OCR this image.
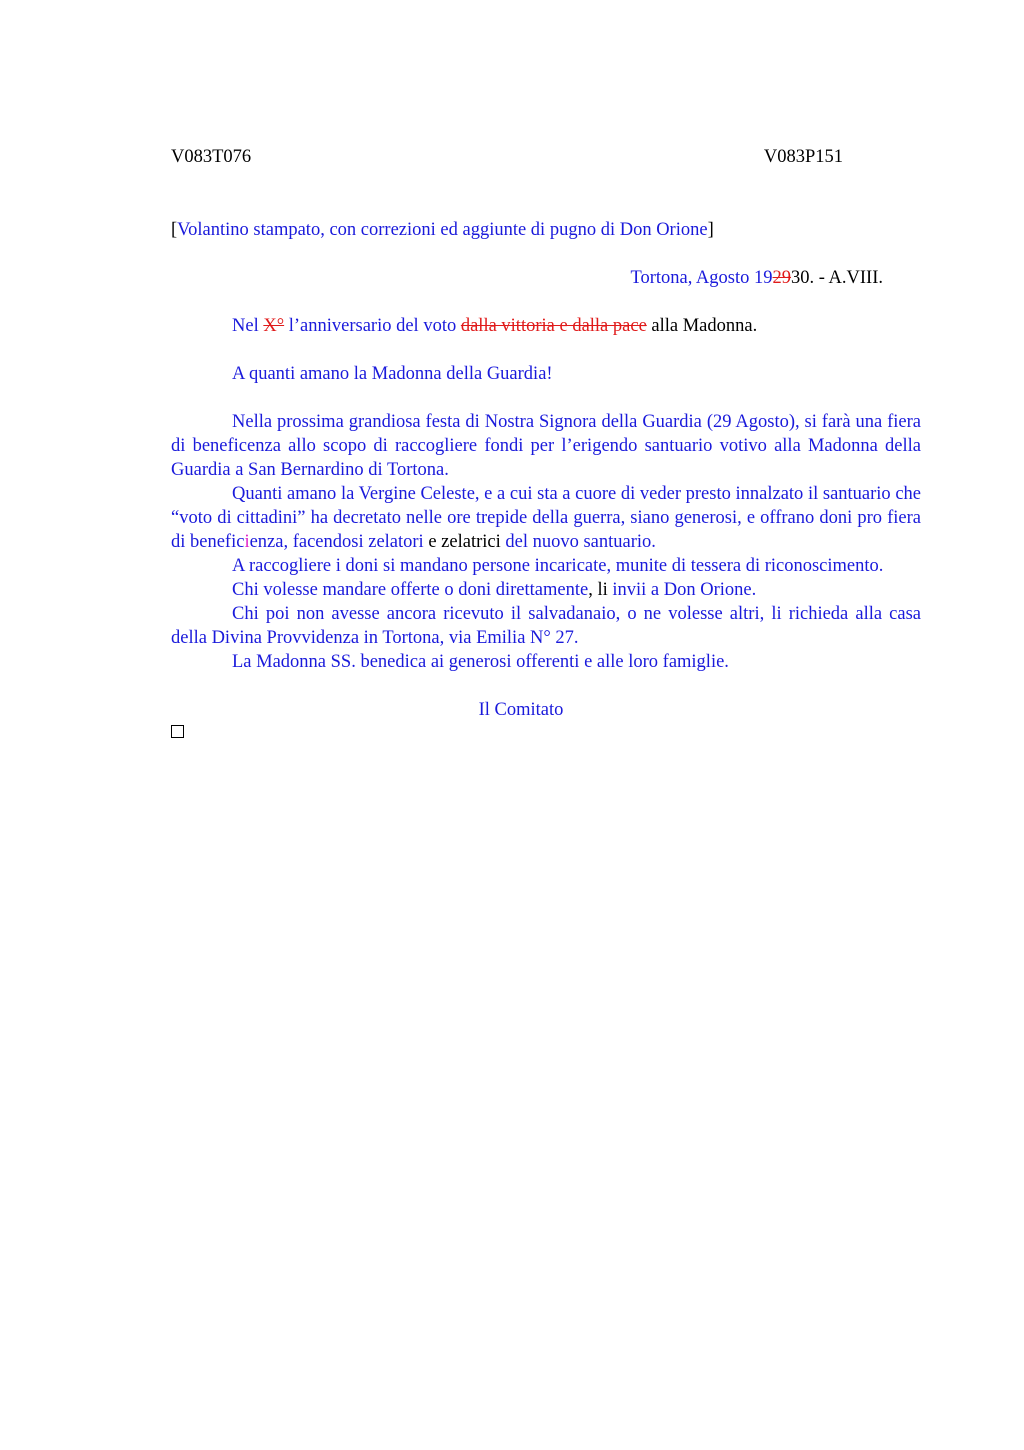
V083T076	V083P151
[Volantino stampato, con correzioni ed aggiunte di pugno di Don Orione]
Tortona, Agosto 192930. - A.VIII.
Nel X° l’anniversario del voto dalla vittoria e dalla pace alla Madonna.
A quanti amano la Madonna della Guardia!

Nella prossima grandiosa festa di Nostra Signora della Guardia (29 Agosto), si farà una fiera di beneficenza allo scopo di raccogliere fondi per l’erigendo santuario votivo alla Madonna della Guardia a San Bernardino di Tortona.

Quanti amano la Vergine Celeste, e a cui sta a cuore di veder presto innalzato il santuario che “voto di cittadini” ha decretato nelle ore trepide della guerra, siano generosi, e offrano doni pro fiera di beneficienza, facendosi zelatori e zelatrici del nuovo santuario.

A raccogliere i doni si mandano persone incaricate, munite di tessera di riconoscimento.

Chi volesse mandare offerte o doni direttamente, li invii a Don Orione.

Chi poi non avesse ancora ricevuto il salvadanaio, o ne volesse altri, li richieda alla casa della Divina Provvidenza in Tortona, via Emilia N° 27.

La Madonna SS. benedica ai generosi offerenti e alle loro famiglie.

Il Comitato
